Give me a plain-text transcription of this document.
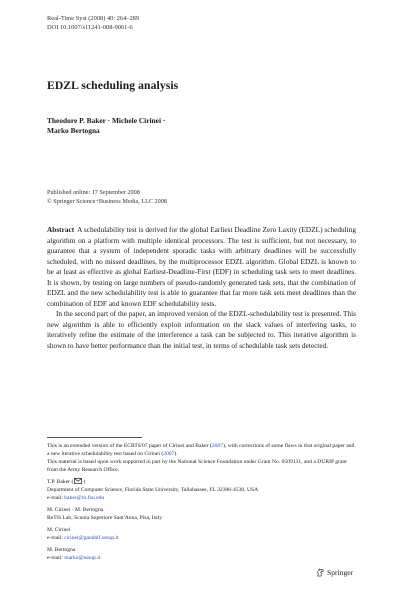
Real-Time Syst (2008) 40: 264–289
DOI 10.1007/s11241-008-9061-6
EDZL scheduling analysis
Theodore P. Baker · Michele Cirinei ·
Marko Bertogna
Published online: 17 September 2008
© Springer Science+Business Media, LLC 2008

Abstract A schedulability test is derived for the global Earliest Deadline Zero Laxity (EDZL) scheduling algorithm on a platform with multiple identical processors. The test is sufficient, but not necessary, to guarantee that a system of independent sporadic tasks with arbitrary deadlines will be successfully scheduled, with no missed deadlines, by the multiprocessor EDZL algorithm. Global EDZL is known to be at least as effective as global Earliest-Deadline-First (EDF) in scheduling task sets to meet deadlines. It is shown, by testing on large numbers of pseudo-randomly generated task sets, that the combination of EDZL and the new schedulability test is able to guarantee that far more task sets meet deadlines than the combination of EDF and known EDF schedulability tests.

In the second part of the paper, an improved version of the EDZL-schedulability test is presented. This new algorithm is able to efficiently exploit information on the slack values of interfering tasks, to iteratively refine the estimate of the interference a task can be subjected to. This iterative algorithm is shown to have better performance than the initial test, in terms of schedulable task sets detected.

This is an extended version of the ECRTS'07 paper of Cirinei and Baker (2007), with corrections of some flaws in that original paper and a new iterative schedulability test based on Cirinei (2007).

This material is based upon work supported in part by the National Science Foundation under Grant No. 0509131, and a DURIP grant from the Army Research Office.

T.P. Baker ( )

Department of Computer Science, Florida State University, Tallahassee, FL 32306-4530, USA

e-mail: baker@cs.fsu.edu

M. Cirinei · M. Bertogna

ReTiS Lab, Scuola Superiore Sant'Anna, Pisa, Italy

M. Cirinei

e-mail: cirinei@gandalf.sssup.it

M. Bertogna

e-mail: marko@sssup.it

Springer
